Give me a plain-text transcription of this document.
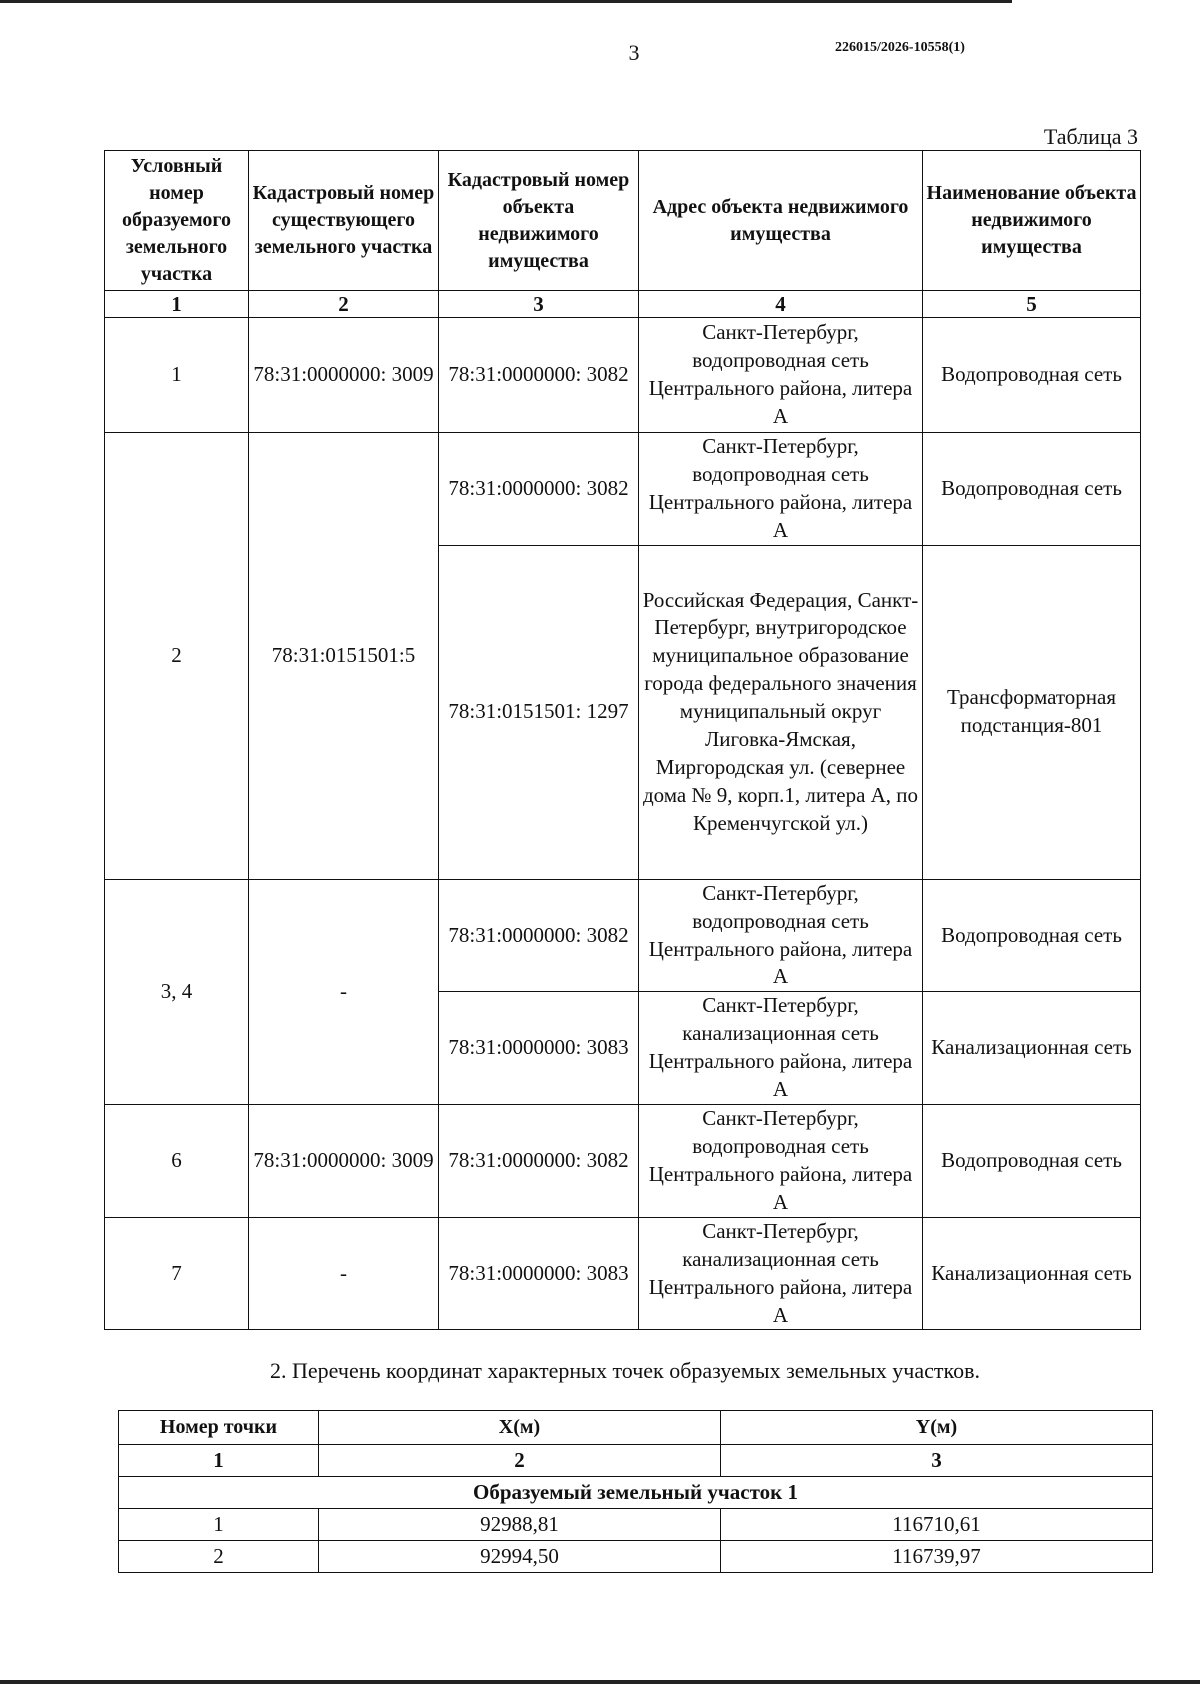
3	226015/2026-10558(1)
Таблица 3
Условный номер образуемого земельного участка	Кадастровый номер существующего земельного участка	Кадастровый номер объекта недвижимого имущества	Адрес объекта недвижимого имущества	Наименование объекта недвижимого имущества
1	2	3	4	5
1	78:31:0000000: 3009	78:31:0000000: 3082	Санкт-Петербург, водопроводная сеть Центрального района, литера А	Водопроводная сеть
2	78:31:0151501:5	78:31:0000000: 3082	Санкт-Петербург, водопроводная сеть Центрального района, литера А	Водопроводная сеть
		78:31:0151501: 1297	Российская Федерация, Санкт-Петербург, внутригородское муниципальное образование города федерального значения муниципальный округ Лиговка-Ямская, Миргородская ул. (севернее дома № 9, корп.1, литера А, по Кременчугской ул.)	Трансформаторная подстанция-801
3, 4	-	78:31:0000000: 3082	Санкт-Петербург, водопроводная сеть Центрального района, литера А	Водопроводная сеть
		78:31:0000000: 3083	Санкт-Петербург, канализационная сеть Центрального района, литера А	Канализационная сеть
6	78:31:0000000: 3009	78:31:0000000: 3082	Санкт-Петербург, водопроводная сеть Центрального района, литера А	Водопроводная сеть
7	-	78:31:0000000: 3083	Санкт-Петербург, канализационная сеть Центрального района, литера А	Канализационная сеть
2. Перечень координат характерных точек образуемых земельных участков.
Номер точки	X(м)	Y(м)
1	2	3
Образуемый земельный участок 1		
1	92988,81	116710,61
2	92994,50	116739,97
